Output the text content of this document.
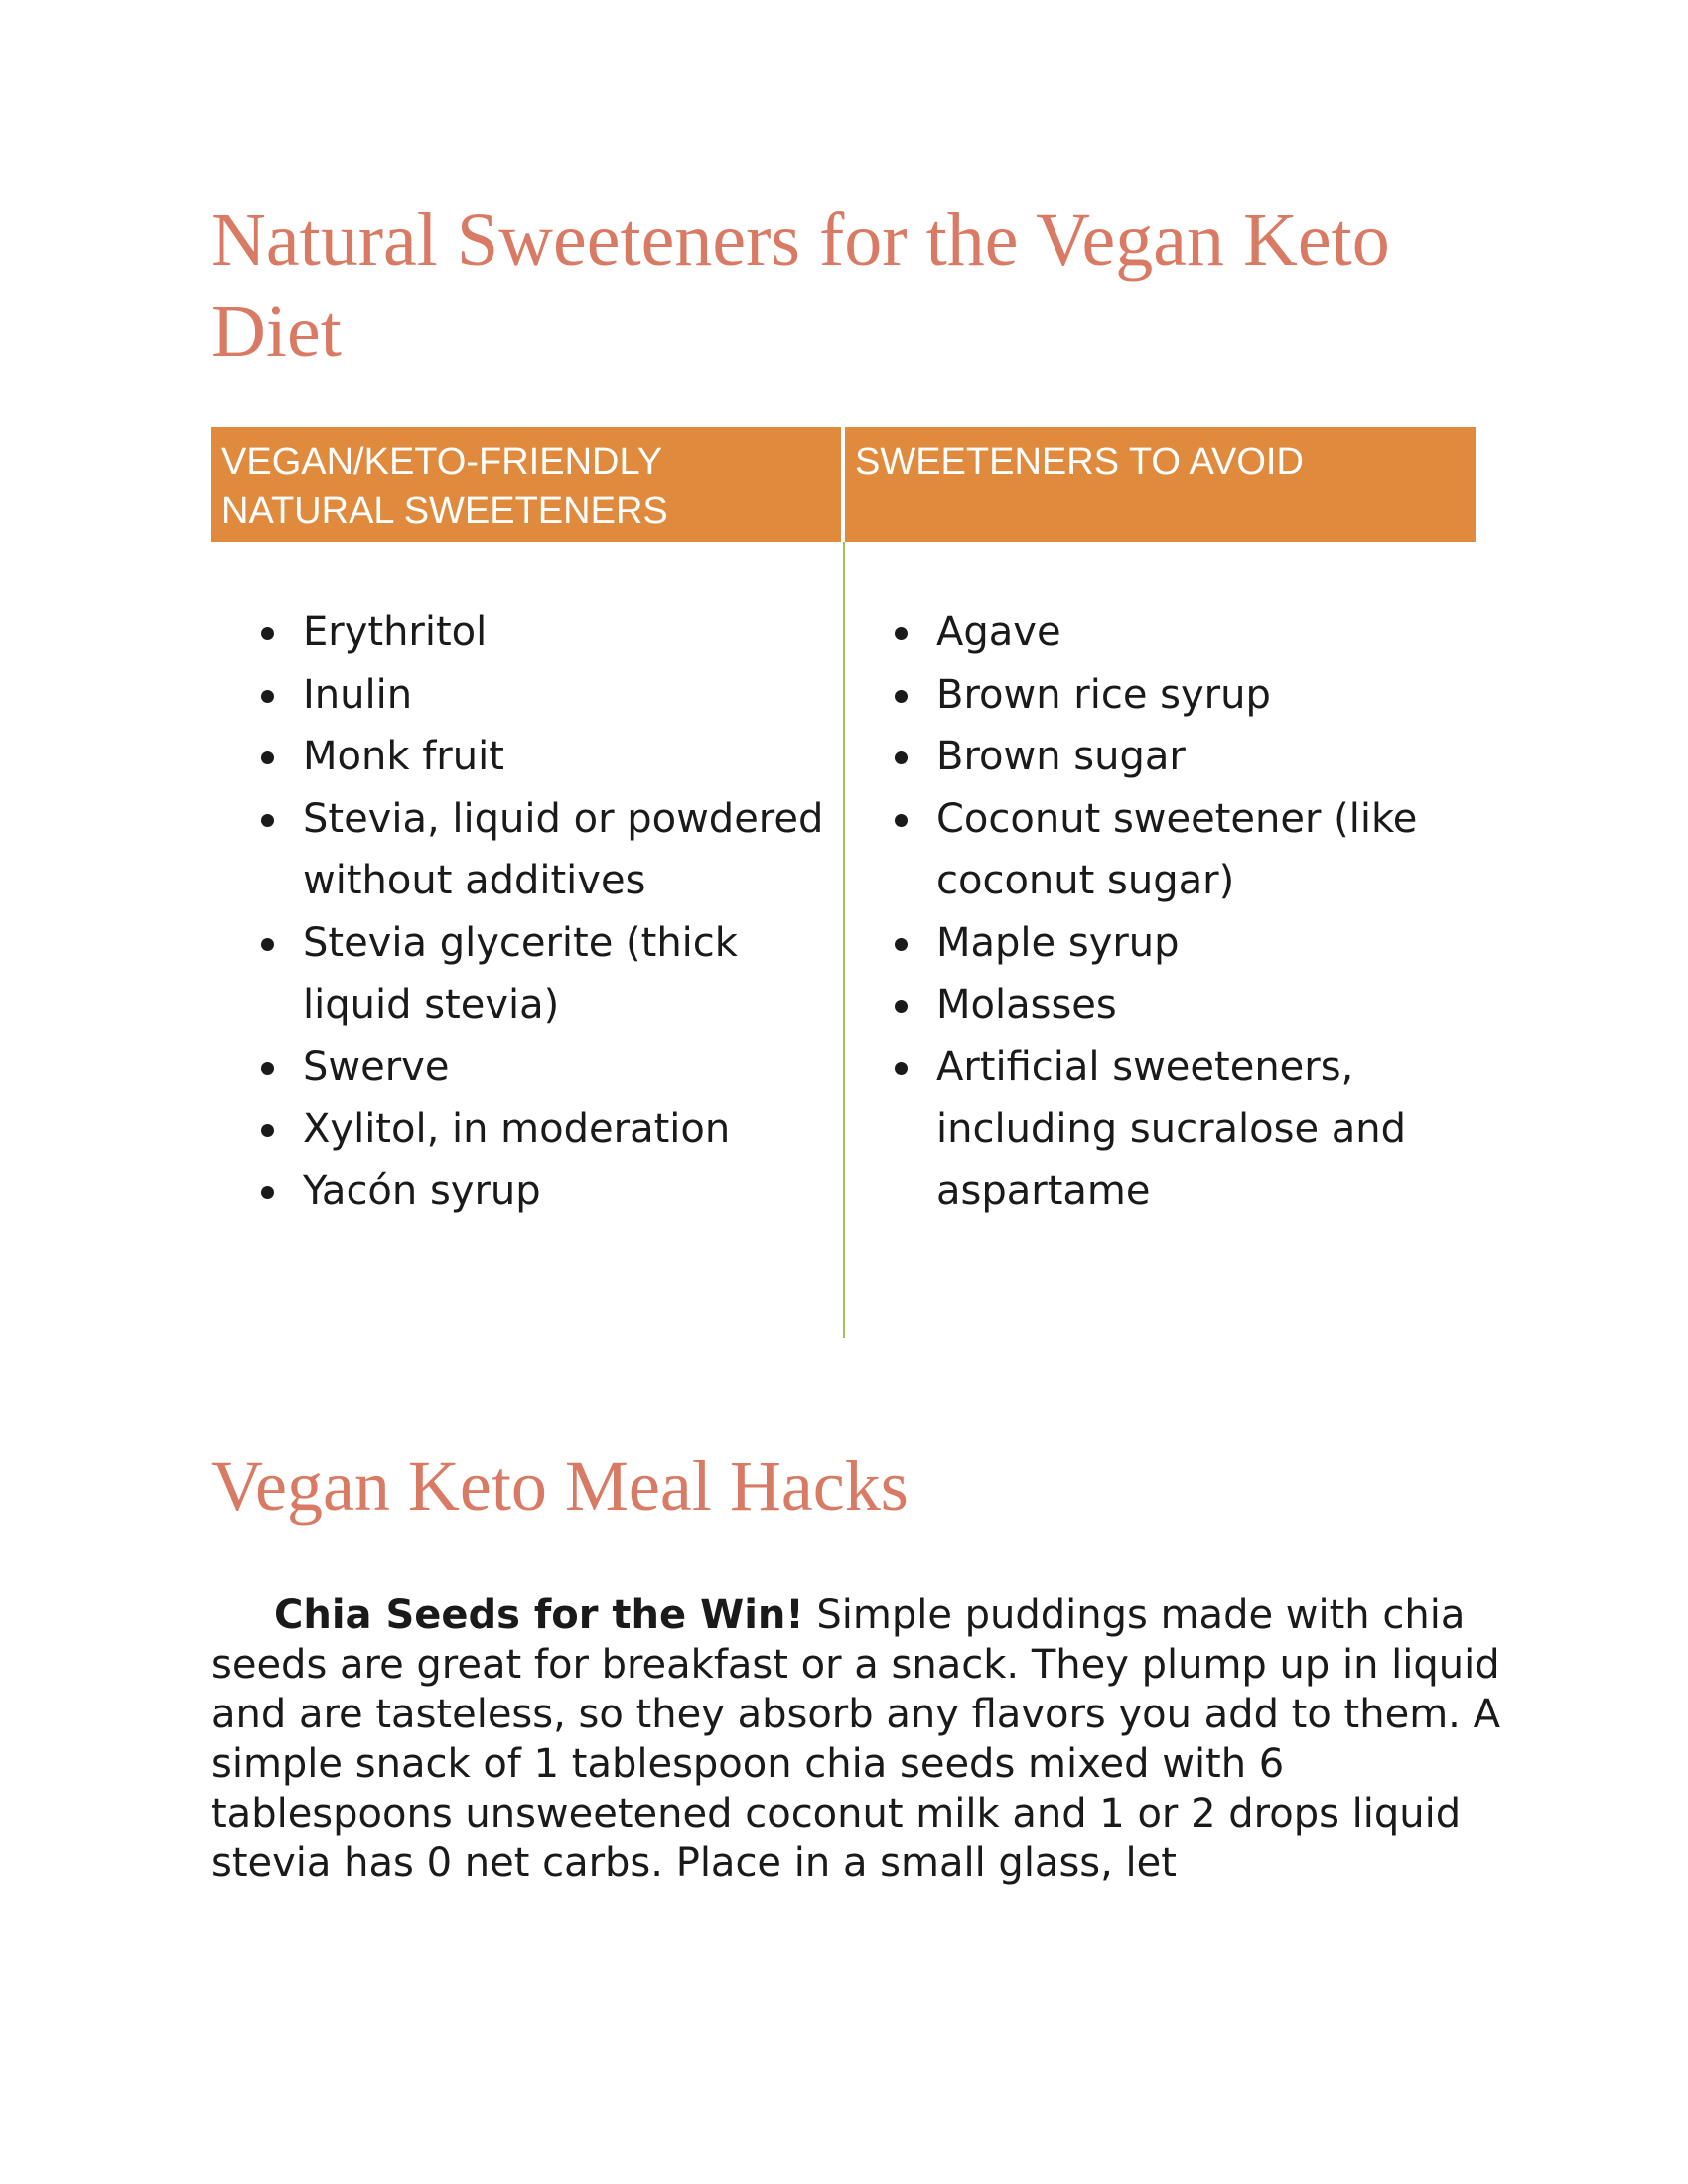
Natural Sweeteners for the Vegan Keto Diet
VEGAN/KETO-FRIENDLY NATURAL SWEETENERS
SWEETENERS TO AVOID
Erythritol
Inulin
Monk fruit
Stevia, liquid or powdered without additives
Stevia glycerite (thick liquid stevia)
Swerve
Xylitol, in moderation
Yacón syrup
Agave
Brown rice syrup
Brown sugar
Coconut sweetener (like coconut sugar)
Maple syrup
Molasses
Artificial sweeteners, including sucralose and aspartame
Vegan Keto Meal Hacks

Chia Seeds for the Win! Simple puddings made with chia seeds are great for breakfast or a snack. They plump up in liquid and are tasteless, so they absorb any flavors you add to them. A simple snack of 1 tablespoon chia seeds mixed with 6 tablespoons unsweetened coconut milk and 1 or 2 drops liquid stevia has 0 net carbs. Place in a small glass, let
